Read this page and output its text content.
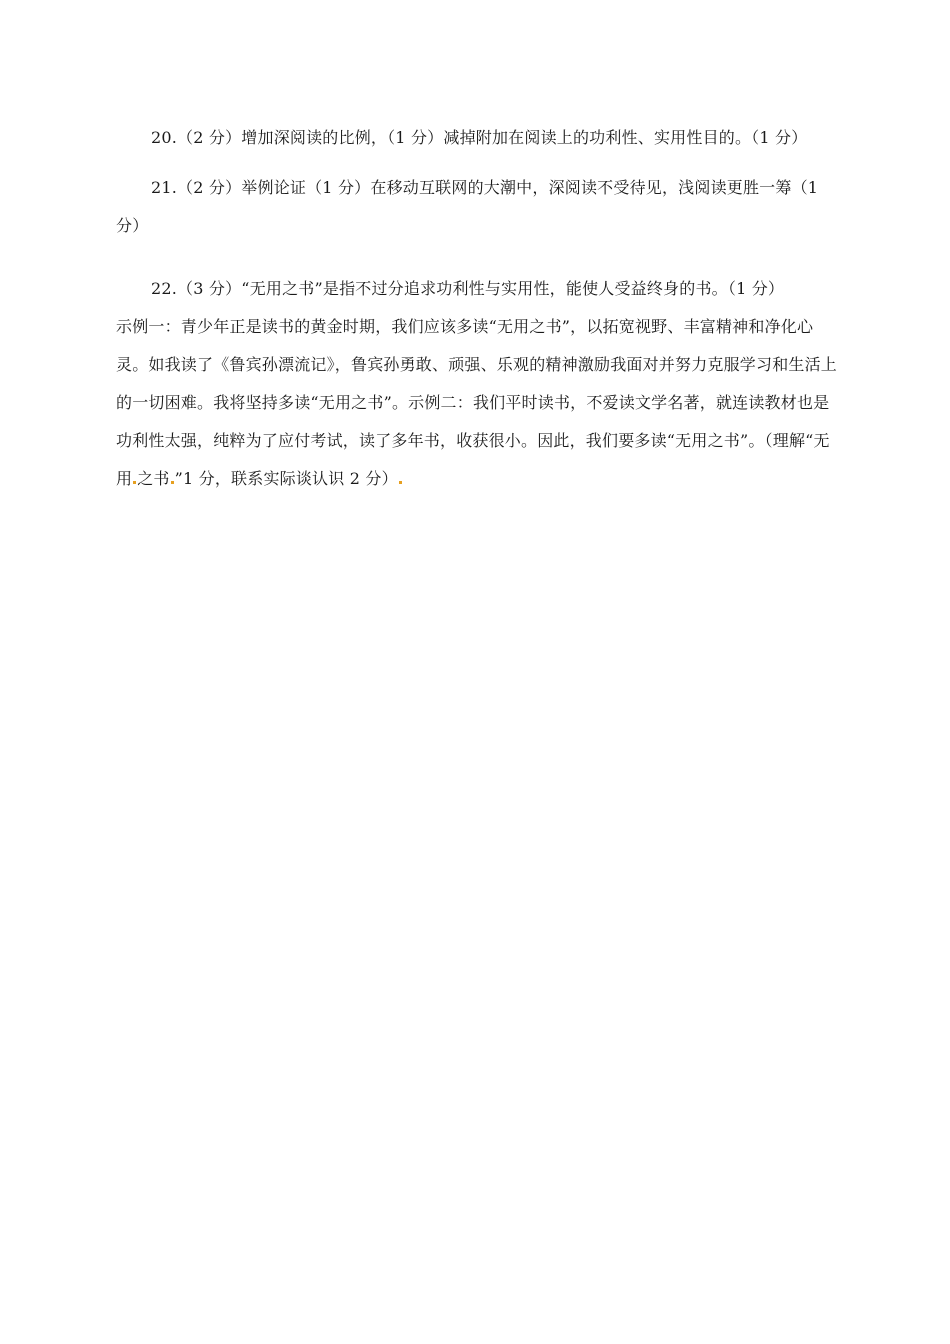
20.（2 分）增加深阅读的比例，（1 分）减掉附加在阅读上的功利性、实用性目的。（1 分）

21.（2 分）举例论证（1 分）在移动互联网的大潮中，深阅读不受待见，浅阅读更胜一筹（1 分）

22.（3 分）“无用之书”是指不过分追求功利性与实用性，能使人受益终身的书。（1 分）

示例一：青少年正是读书的黄金时期，我们应该多读“无用之书”，以拓宽视野、丰富精神和净化心灵。如我读了《鲁宾孙漂流记》，鲁宾孙勇敢、顽强、乐观的精神激励我面对并努力克服学习和生活上的一切困难。我将坚持多读“无用之书”。示例二：我们平时读书，不爱读文学名著，就连读教材也是功利性太强，纯粹为了应付考试，读了多年书，收获很小。因此，我们要多读“无用之书”。（理解“无用 之书 ”1 分，联系实际谈认识 2 分）
